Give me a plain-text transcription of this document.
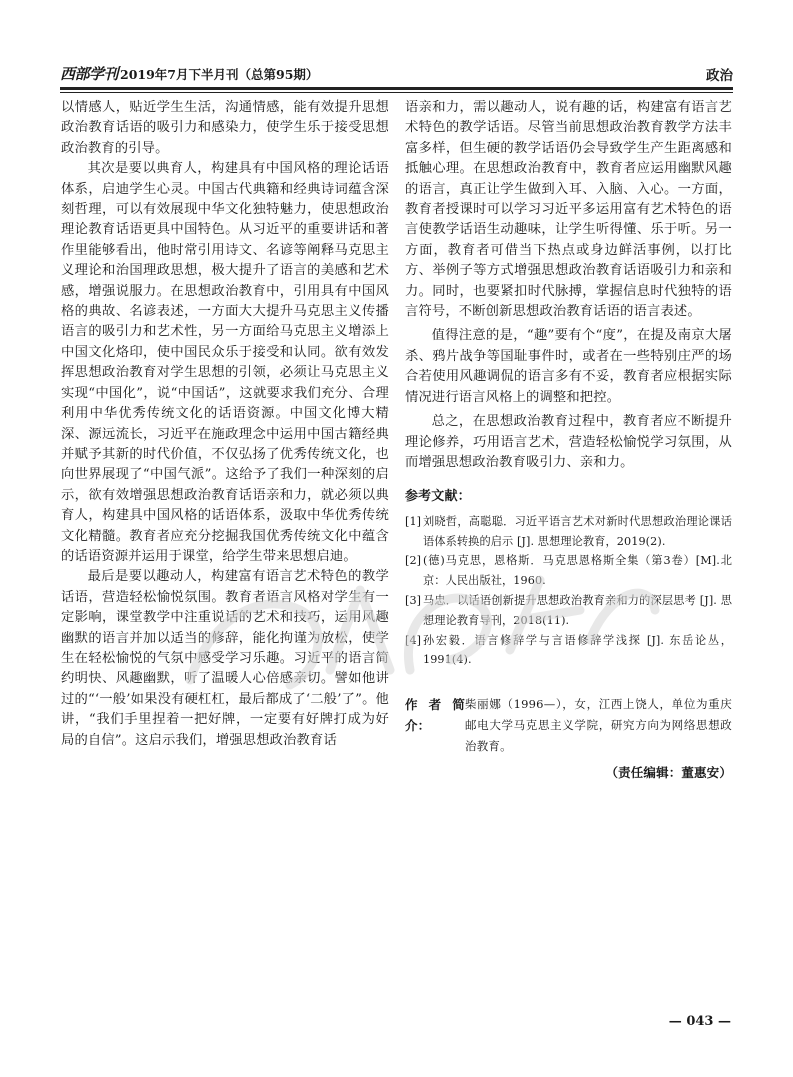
西部学刊 2019年7月下半月刊（总第95期）	政治

以情感人，贴近学生生活，沟通情感，能有效提升思想政治教育话语的吸引力和感染力，使学生乐于接受思想政治教育的引导。

其次是要以典育人，构建具有中国风格的理论话语体系，启迪学生心灵。中国古代典籍和经典诗词蕴含深刻哲理，可以有效展现中华文化独特魅力，使思想政治理论教育话语更具中国特色。从习近平的重要讲话和著作里能够看出，他时常引用诗文、名谚等阐释马克思主义理论和治国理政思想，极大提升了语言的美感和艺术感，增强说服力。在思想政治教育中，引用具有中国风格的典故、名谚表述，一方面大大提升马克思主义传播语言的吸引力和艺术性，另一方面给马克思主义增添上中国文化烙印，使中国民众乐于接受和认同。欲有效发挥思想政治教育对学生思想的引领，必须让马克思主义实现“中国化”，说“中国话”，这就要求我们充分、合理利用中华优秀传统文化的话语资源。中国文化博大精深、源远流长，习近平在施政理念中运用中国古籍经典并赋予其新的时代价值，不仅弘扬了优秀传统文化，也向世界展现了“中国气派”。这给予了我们一种深刻的启示，欲有效增强思想政治教育话语亲和力，就必须以典育人，构建具中国风格的话语体系，汲取中华优秀传统文化精髓。教育者应充分挖掘我国优秀传统文化中蕴含的话语资源并运用于课堂，给学生带来思想启迪。

最后是要以趣动人，构建富有语言艺术特色的教学话语，营造轻松愉悦氛围。教育者语言风格对学生有一定影响，课堂教学中注重说话的艺术和技巧，运用风趣幽默的语言并加以适当的修辞，能化拘谨为放松，使学生在轻松愉悦的气氛中感受学习乐趣。习近平的语言简约明快、风趣幽默，听了温暖人心倍感亲切。譬如他讲过的“‘一般’如果没有硬杠杠，最后都成了‘二般’了”。他讲，“我们手里捏着一把好牌，一定要有好牌打成为好局的自信”。这启示我们，增强思想政治教育话

语亲和力，需以趣动人，说有趣的话，构建富有语言艺术特色的教学话语。尽管当前思想政治教育教学方法丰富多样，但生硬的教学话语仍会导致学生产生距离感和抵触心理。在思想政治教育中，教育者应运用幽默风趣的语言，真正让学生做到入耳、入脑、入心。一方面，教育者授课时可以学习习近平多运用富有艺术特色的语言使教学话语生动趣味，让学生听得懂、乐于听。另一方面，教育者可借当下热点或身边鲜活事例，以打比方、举例子等方式增强思想政治教育话语吸引力和亲和力。同时，也要紧扣时代脉搏，掌握信息时代独特的语言符号，不断创新思想政治教育话语的语言表述。

值得注意的是，“趣”要有个“度”，在提及南京大屠杀、鸦片战争等国耻事件时，或者在一些特别庄严的场合若使用风趣调侃的语言多有不妥，教育者应根据实际情况进行语言风格上的调整和把控。

总之，在思想政治教育过程中，教育者应不断提升理论修养，巧用语言艺术，营造轻松愉悦学习氛围，从而增强思想政治教育吸引力、亲和力。

参考文献：
[1] 刘晓哲，高聪聪．习近平语言艺术对新时代思想政治理论课话语体系转换的启示 [J]. 思想理论教育，2019(2).
[2] (德)马克思，恩格斯．马克思恩格斯全集（第3卷）[M].北京：人民出版社，1960.
[3] 马忠．以话语创新提升思想政治教育亲和力的深层思考 [J]. 思想理论教育导刊，2018(11).
[4] 孙宏毅．语言修辞学与言语修辞学浅探 [J]. 东岳论丛，1991(4).
作者简介：
柴丽娜（1996—），女，江西上饶人，单位为重庆邮电大学马克思主义学院，研究方向为网络思想政治教育。
（责任编辑：董惠安）
— 043 —
